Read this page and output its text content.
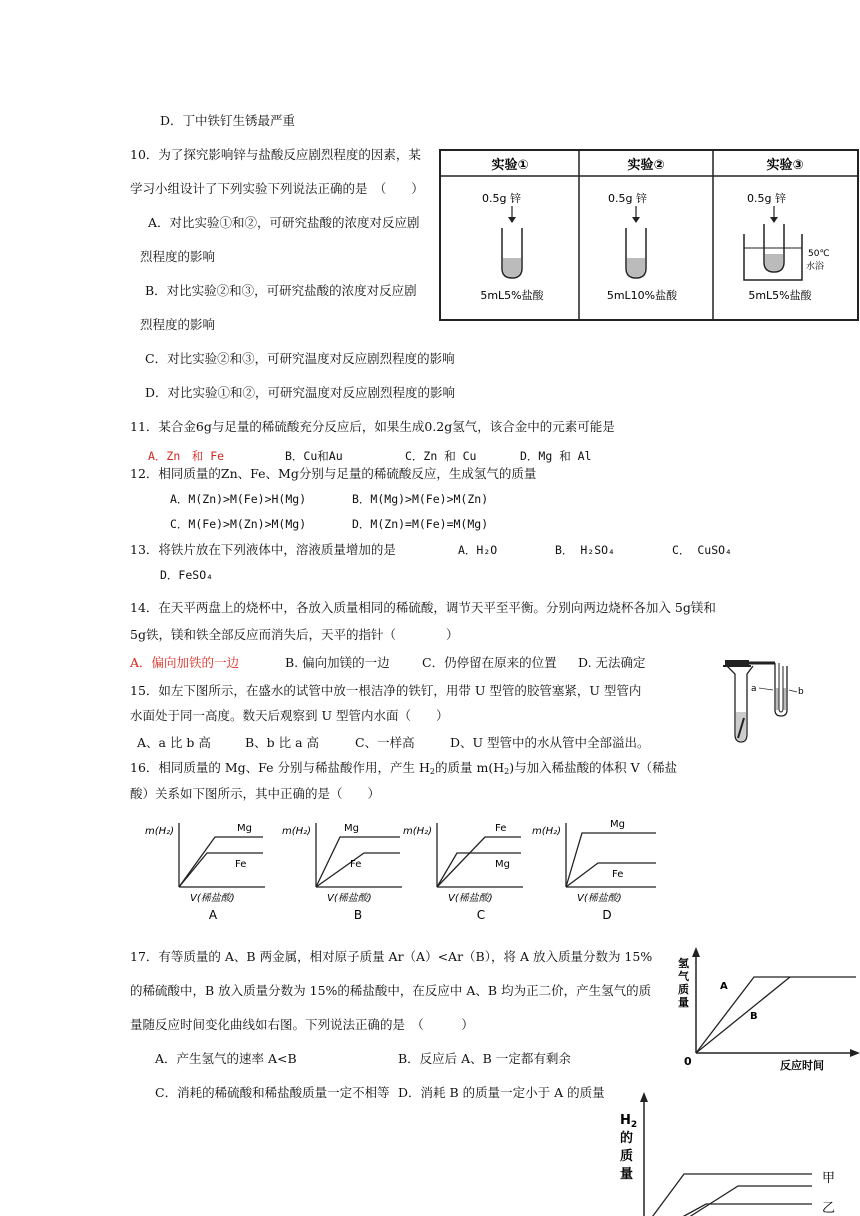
D．丁中铁钉生锈最严重
10．为了探究影响锌与盐酸反应剧烈程度的因素，某
学习小组设计了下列实验下列说法正确的是　（　　）
A．对比实验①和②，可研究盐酸的浓度对反应剧
烈程度的影响
B．对比实验②和③，可研究盐酸的浓度对反应剧
烈程度的影响
C．对比实验②和③，可研究温度对反应剧烈程度的影响
D．对比实验①和②，可研究温度对反应剧烈程度的影响
实验①	实验②	实验③
0.5g 锌
5mL5%盐酸
0.5g 锌
5mL10%盐酸
0.5g 锌
50℃
水浴
5mL5%盐酸
11．某合金6g与足量的稀硫酸充分反应后，如果生成0.2g氢气，该合金中的元素可能是
A．Zn　和 Fe	B．Cu和Au	C．Zn 和 Cu	D．Mg 和 Al
12．相同质量的Zn、Fe、Mg分别与足量的稀硫酸反应，生成氢气的质量
A．M(Zn)>M(Fe)>H(Mg)	B．M(Mg)>M(Fe)>M(Zn)
C．M(Fe)>M(Zn)>M(Mg)	D．M(Zn)=M(Fe)=M(Mg)
13．将铁片放在下列液体中，溶液质量增加的是	A．H₂O	B． H₂SO₄	C． CuSO₄
D．FeSO₄
14．在天平两盘上的烧杯中，各放入质量相同的稀硫酸，调节天平至平衡。分别向两边烧杯各加入 5g镁和
5g铁，镁和铁全部反应而消失后，天平的指针（　　　　）
A．偏向加铁的一边	B. 偏向加镁的一边	C．仍停留在原来的位置 D. 无法确定
15．如左下图所示，在盛水的试管中放一根洁净的铁钉，用带 U 型管的胶管塞紧，U 型管内
水面处于同一高度。数天后观察到 U 型管内水面（　　）
A、a 比 b 高	B、b 比 a 高	C、一样高	D、U 型管中的水从管中全部溢出。
a	b
16．相同质量的 Mg、Fe 分别与稀盐酸作用，产生 $H_2$的质量 $m(H_2)$与加入稀盐酸的体积 V（稀盐
酸）关系如下图所示，其中正确的是（　　）
m(H₂)	Mg
Fe
V(稀盐酸)
A
m(H₂)	Mg
Fe
V(稀盐酸)
B
m(H₂)	Fe
Mg
V(稀盐酸)
C
m(H₂)
Mg
Fe
V(稀盐酸)
D
17．有等质量的 A、B 两金属，相对原子质量 Ar（A）<Ar（B），将 A 放入质量分数为 15%
的稀硫酸中，B 放入质量分数为 15%的稀盐酸中，在反应中 A、B 均为正二价，产生氢气的质
量随反应时间变化曲线如右图。下列说法正确的是　（　　　）
A．产生氢气的速率 A<B	B．反应后 A、B 一定都有剩余
C．消耗的稀硫酸和稀盐酸质量一定不相等 D．消耗 B 的质量一定小于 A 的质量
氢
气
质
量
A
B
0	反应时间
$H_2$
的
质
量	甲
乙
